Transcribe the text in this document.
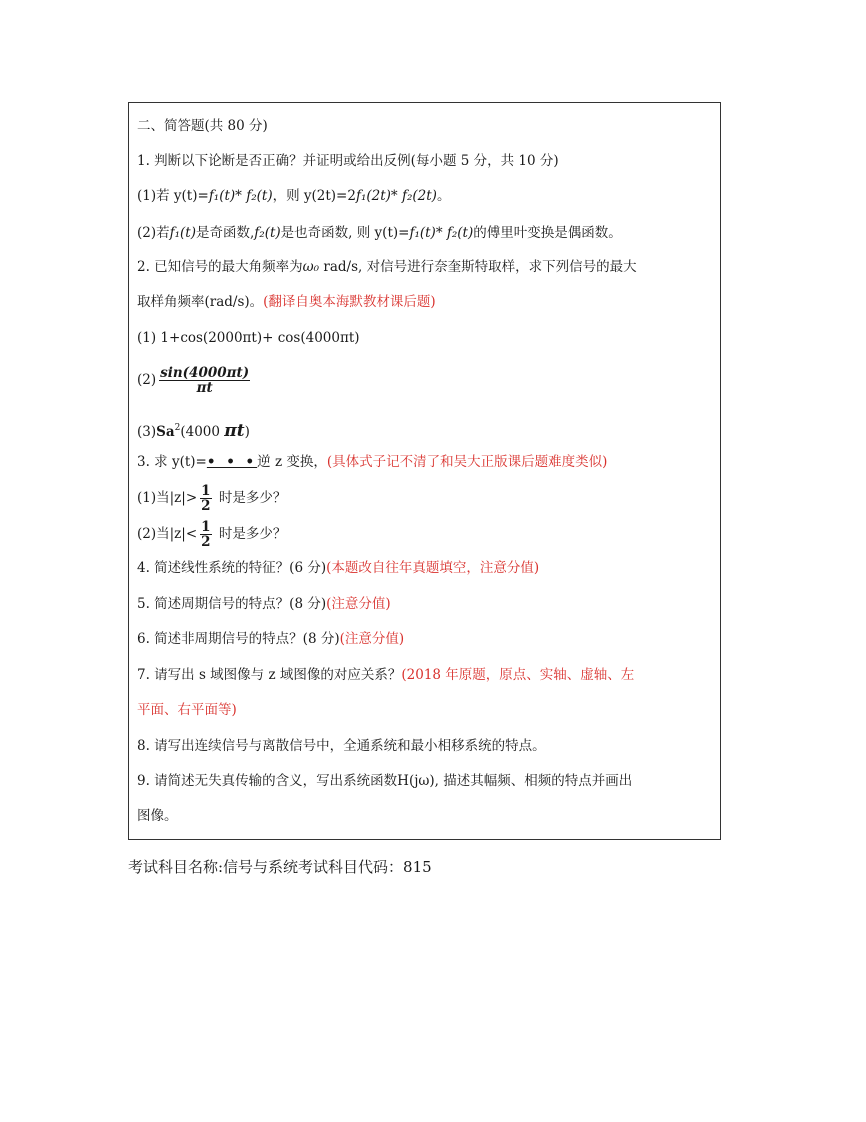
二、简答题(共 80 分)
1. 判断以下论断是否正确？并证明或给出反例(每小题 5 分，共 10 分)
(1)若 y(t)=f₁(t)* f₂(t)，则 y(2t)=2f₁(2t)* f₂(2t)。
(2)若f₁(t)是奇函数,f₂(t)是也奇函数, 则 y(t)=f₁(t)* f₂(t)的傅里叶变换是偶函数。
2. 已知信号的最大角频率为ω₀ rad/s, 对信号进行奈奎斯特取样，求下列信号的最大
取样角频率(rad/s)。(翻译自奥本海默教材课后题)
(1) 1+cos(2000πt)+ cos(4000πt)
$(2) \frac{\sin(4000\pi t)}{\pi t}$
(3)Sa$^2$(4000 πt)
3. 求 y(t)=• • •逆 z 变换，(具体式子记不清了和吴大正版课后题难度类似)
(1)当$|z|> \frac{1}{2}$ 时是多少？
(2)当$|z|< \frac{1}{2}$ 时是多少？
4. 简述线性系统的特征？(6 分)(本题改自往年真题填空，注意分值)
5. 简述周期信号的特点？(8 分)(注意分值)
6. 简述非周期信号的特点？(8 分)(注意分值)
7. 请写出 s 域图像与 z 域图像的对应关系？(2018 年原题，原点、实轴、虚轴、左
平面、右平面等)
8. 请写出连续信号与离散信号中，全通系统和最小相移系统的特点。
9. 请简述无失真传输的含义，写出系统函数H(jω), 描述其幅频、相频的特点并画出
图像。
考试科目名称:信号与系统考试科目代码：815
